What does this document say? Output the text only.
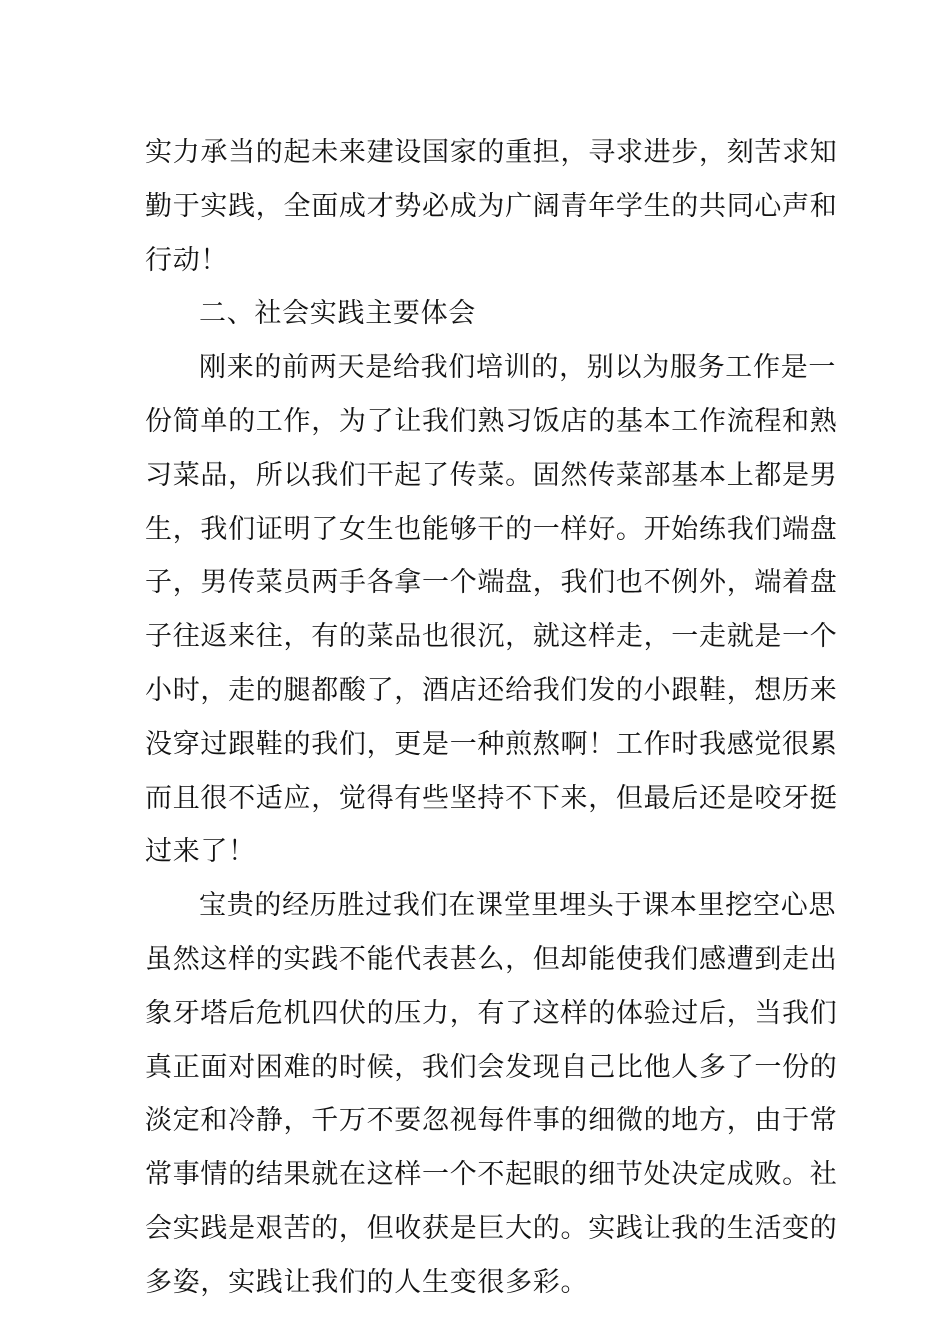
实力承当的起未来建设国家的重担，寻求进步，刻苦求知
勤于实践，全面成才势必成为广阔青年学生的共同心声和
行动！
二、社会实践主要体会
刚来的前两天是给我们培训的，别以为服务工作是一
份简单的工作，为了让我们熟习饭店的基本工作流程和熟
习菜品，所以我们干起了传菜。固然传菜部基本上都是男
生，我们证明了女生也能够干的一样好。开始练我们端盘
子，男传菜员两手各拿一个端盘，我们也不例外，端着盘
子往返来往，有的菜品也很沉，就这样走，一走就是一个
小时，走的腿都酸了，酒店还给我们发的小跟鞋，想历来
没穿过跟鞋的我们，更是一种煎熬啊！工作时我感觉很累
而且很不适应，觉得有些坚持不下来，但最后还是咬牙挺
过来了！
宝贵的经历胜过我们在课堂里埋头于课本里挖空心思
虽然这样的实践不能代表甚么，但却能使我们感遭到走出
象牙塔后危机四伏的压力，有了这样的体验过后，当我们
真正面对困难的时候，我们会发现自己比他人多了一份的
淡定和冷静，千万不要忽视每件事的细微的地方，由于常
常事情的结果就在这样一个不起眼的细节处决定成败。社
会实践是艰苦的，但收获是巨大的。实践让我的生活变的
多姿，实践让我们的人生变很多彩。
